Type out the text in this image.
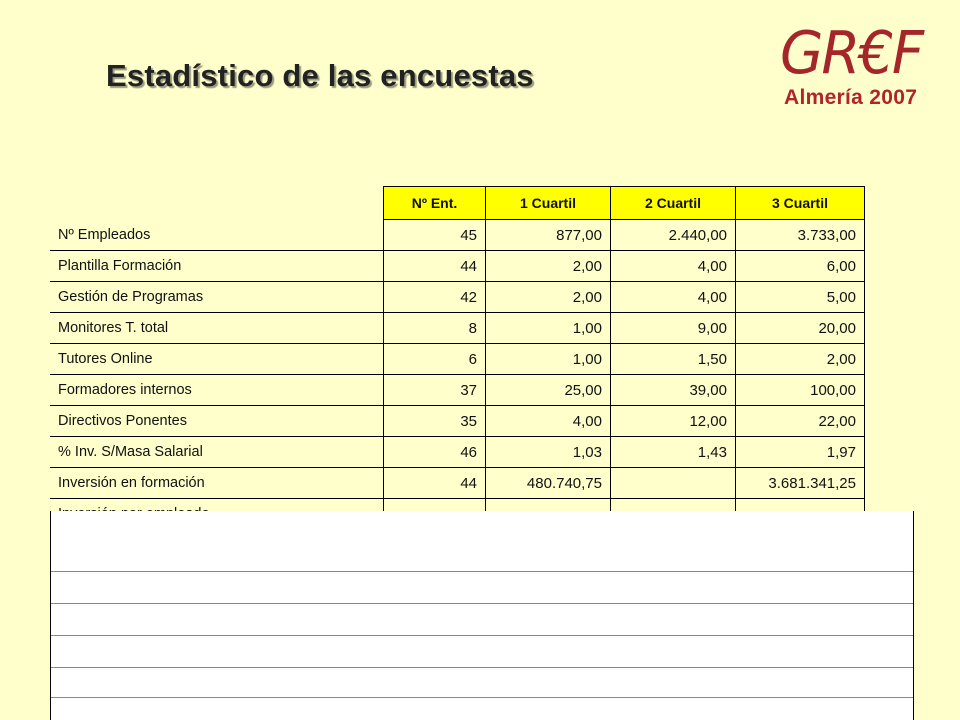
Estadístico de las encuestas	GR€F
Almería 2007
	Nº Ent.	1 Cuartil	2 Cuartil	3 Cuartil
Nº Empleados	45	877,00	2.440,00	3.733,00
Plantilla Formación	44	2,00	4,00	6,00
Gestión de Programas	42	2,00	4,00	5,00
Monitores T. total	8	1,00	9,00	20,00
Tutores Online	6	1,00	1,50	2,00
Formadores internos	37	25,00	39,00	100,00
Directivos Ponentes	35	4,00	12,00	22,00
% Inv. S/Masa Salarial	46	1,03	1,43	1,97
Inversión en formación	44	480.740,75		3.681.341,25
